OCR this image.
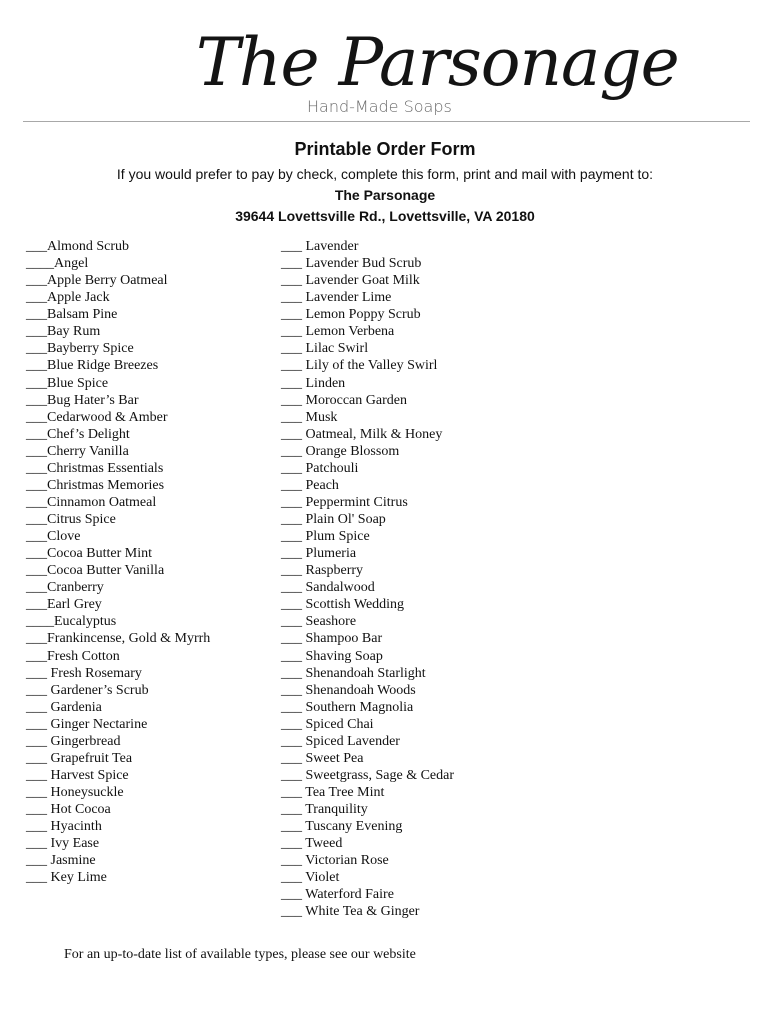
The Parsonage
Hand-Made Soaps
Printable Order Form
If you would prefer to pay by check, complete this form, print and mail with payment to:
The Parsonage
39644 Lovettsville Rd., Lovettsville, VA 20180
___Almond Scrub
____Angel
___Apple Berry Oatmeal
___Apple Jack
___Balsam Pine
___Bay Rum
___Bayberry Spice
___Blue Ridge Breezes
___Blue Spice
___Bug Hater’s Bar
___Cedarwood & Amber
___Chef’s Delight
___Cherry Vanilla
___Christmas Essentials
___Christmas Memories
___Cinnamon Oatmeal
___Citrus Spice
___Clove
___Cocoa Butter Mint
___Cocoa Butter Vanilla
___Cranberry
___Earl Grey
____Eucalyptus
___Frankincense, Gold & Myrrh
___Fresh Cotton
___ Fresh Rosemary
___ Gardener’s Scrub
___ Gardenia
___ Ginger Nectarine
___ Gingerbread
___ Grapefruit Tea
___ Harvest Spice
___ Honeysuckle
___ Hot Cocoa
___ Hyacinth
___ Ivy Ease
___ Jasmine
___ Key Lime
___ Lavender
___ Lavender Bud Scrub
___ Lavender Goat Milk
___ Lavender Lime
___ Lemon Poppy Scrub
___ Lemon Verbena
___ Lilac Swirl
___ Lily of the Valley Swirl
___ Linden
___ Moroccan Garden
___ Musk
___ Oatmeal, Milk & Honey
___ Orange Blossom
___ Patchouli
___ Peach
___ Peppermint Citrus
___ Plain Ol' Soap
___ Plum Spice
___ Plumeria
___ Raspberry
___ Sandalwood
___ Scottish Wedding
___ Seashore
___ Shampoo Bar
___ Shaving Soap
___ Shenandoah Starlight
___ Shenandoah Woods
___ Southern Magnolia
___ Spiced Chai
___ Spiced Lavender
___ Sweet Pea
___ Sweetgrass, Sage & Cedar
___ Tea Tree Mint
___ Tranquility
___ Tuscany Evening
___ Tweed
___ Victorian Rose
___ Violet
___ Waterford Faire
___ White Tea & Ginger
For an up-to-date list of available types, please see our website
